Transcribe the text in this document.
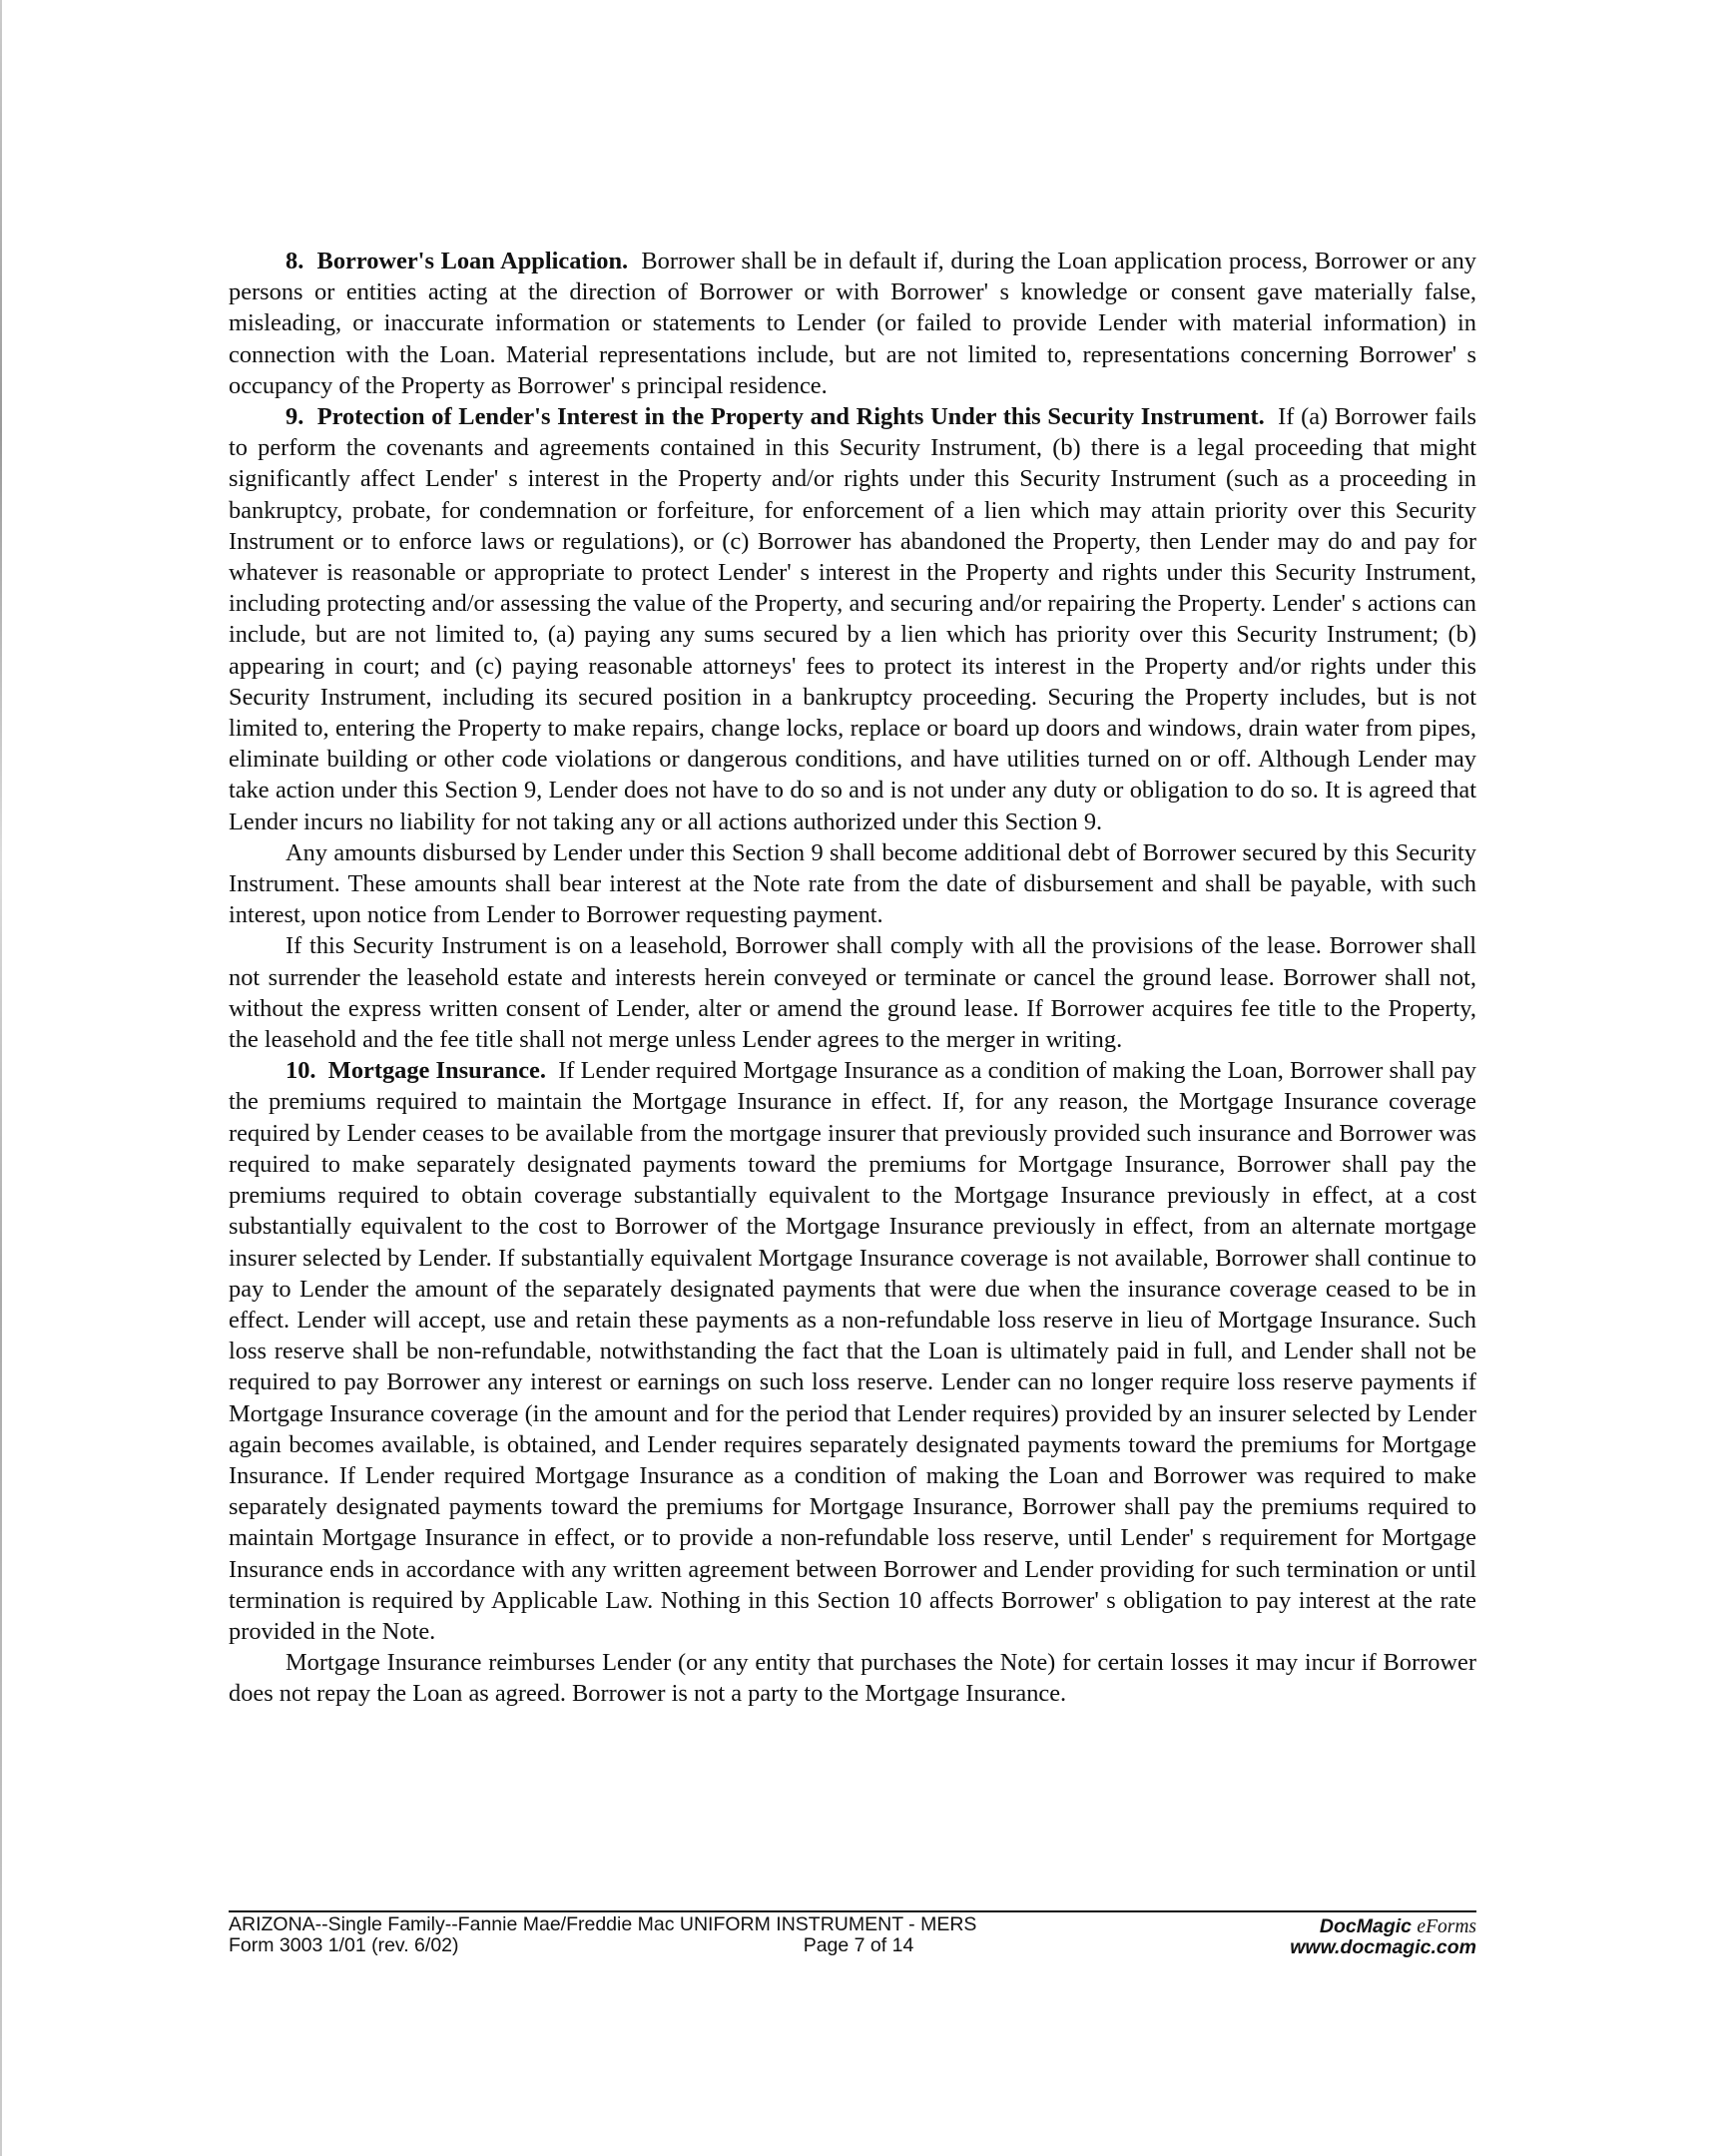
8. Borrower's Loan Application. Borrower shall be in default if, during the Loan application process, Borrower or any persons or entities acting at the direction of Borrower or with Borrower' s knowledge or consent gave materially false, misleading, or inaccurate information or statements to Lender (or failed to provide Lender with material information) in connection with the Loan. Material representations include, but are not limited to, representations concerning Borrower' s occupancy of the Property as Borrower' s principal residence.

9. Protection of Lender's Interest in the Property and Rights Under this Security Instrument. If (a) Borrower fails to perform the covenants and agreements contained in this Security Instrument, (b) there is a legal proceeding that might significantly affect Lender' s interest in the Property and/or rights under this Security Instrument (such as a proceeding in bankruptcy, probate, for condemnation or forfeiture, for enforcement of a lien which may attain priority over this Security Instrument or to enforce laws or regulations), or (c) Borrower has abandoned the Property, then Lender may do and pay for whatever is reasonable or appropriate to protect Lender' s interest in the Property and rights under this Security Instrument, including protecting and/or assessing the value of the Property, and securing and/or repairing the Property. Lender' s actions can include, but are not limited to, (a) paying any sums secured by a lien which has priority over this Security Instrument; (b) appearing in court; and (c) paying reasonable attorneys' fees to protect its interest in the Property and/or rights under this Security Instrument, including its secured position in a bankruptcy proceeding. Securing the Property includes, but is not limited to, entering the Property to make repairs, change locks, replace or board up doors and windows, drain water from pipes, eliminate building or other code violations or dangerous conditions, and have utilities turned on or off. Although Lender may take action under this Section 9, Lender does not have to do so and is not under any duty or obligation to do so. It is agreed that Lender incurs no liability for not taking any or all actions authorized under this Section 9.

Any amounts disbursed by Lender under this Section 9 shall become additional debt of Borrower secured by this Security Instrument. These amounts shall bear interest at the Note rate from the date of disbursement and shall be payable, with such interest, upon notice from Lender to Borrower requesting payment.

If this Security Instrument is on a leasehold, Borrower shall comply with all the provisions of the lease. Borrower shall not surrender the leasehold estate and interests herein conveyed or terminate or cancel the ground lease. Borrower shall not, without the express written consent of Lender, alter or amend the ground lease. If Borrower acquires fee title to the Property, the leasehold and the fee title shall not merge unless Lender agrees to the merger in writing.

10. Mortgage Insurance. If Lender required Mortgage Insurance as a condition of making the Loan, Borrower shall pay the premiums required to maintain the Mortgage Insurance in effect. If, for any reason, the Mortgage Insurance coverage required by Lender ceases to be available from the mortgage insurer that previously provided such insurance and Borrower was required to make separately designated payments toward the premiums for Mortgage Insurance, Borrower shall pay the premiums required to obtain coverage substantially equivalent to the Mortgage Insurance previously in effect, at a cost substantially equivalent to the cost to Borrower of the Mortgage Insurance previously in effect, from an alternate mortgage insurer selected by Lender. If substantially equivalent Mortgage Insurance coverage is not available, Borrower shall continue to pay to Lender the amount of the separately designated payments that were due when the insurance coverage ceased to be in effect. Lender will accept, use and retain these payments as a non-refundable loss reserve in lieu of Mortgage Insurance. Such loss reserve shall be non-refundable, notwithstanding the fact that the Loan is ultimately paid in full, and Lender shall not be required to pay Borrower any interest or earnings on such loss reserve. Lender can no longer require loss reserve payments if Mortgage Insurance coverage (in the amount and for the period that Lender requires) provided by an insurer selected by Lender again becomes available, is obtained, and Lender requires separately designated payments toward the premiums for Mortgage Insurance. If Lender required Mortgage Insurance as a condition of making the Loan and Borrower was required to make separately designated payments toward the premiums for Mortgage Insurance, Borrower shall pay the premiums required to maintain Mortgage Insurance in effect, or to provide a non-refundable loss reserve, until Lender' s requirement for Mortgage Insurance ends in accordance with any written agreement between Borrower and Lender providing for such termination or until termination is required by Applicable Law. Nothing in this Section 10 affects Borrower' s obligation to pay interest at the rate provided in the Note.

Mortgage Insurance reimburses Lender (or any entity that purchases the Note) for certain losses it may incur if Borrower does not repay the Loan as agreed. Borrower is not a party to the Mortgage Insurance.

ARIZONA--Single Family--Fannie Mae/Freddie Mac UNIFORM INSTRUMENT - MERS
Form 3003 1/01 (rev. 6/02)	Page 7 of 14
DocMagic eForms
www.docmagic.com
